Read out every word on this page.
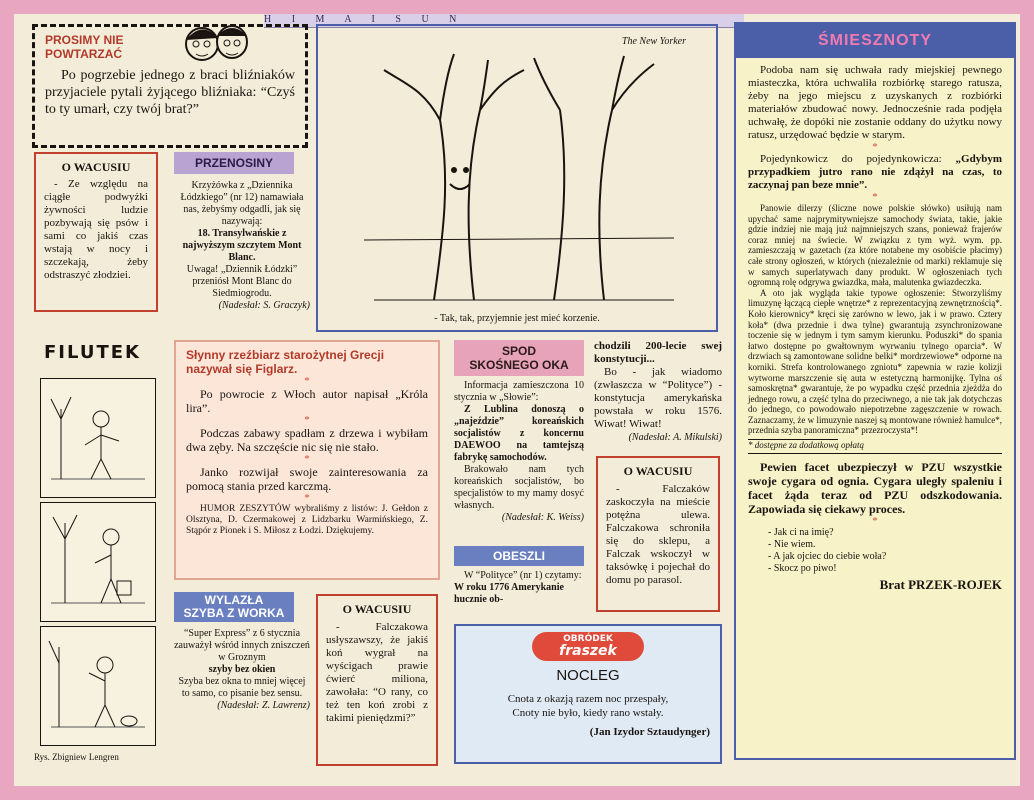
H I M A I S U N
PROSIMY NIE
POWTARZAĆ
Po pogrzebie jednego z braci bliźniaków przyjaciele pytali żyjącego bliźniaka: “Czyś to ty umarł, czy twój brat?”
O WACUSIU
- Ze względu na ciągłe podwyżki żywności ludzie pozbywają się psów i sami co jakiś czas wstają w nocy i szczekają, żeby odstraszyć złodziei.
PRZENOSINY

Krzyżówka z „Dziennika Łódzkiego” (nr 12) namawiała nas, żebyśmy odgadli, jak się nazywają:

18. Transylwańskie z najwyższym szczytem Mont Blanc.

Uwaga! „Dziennik Łódzki” przeniósł Mont Blanc do Siedmiogrodu.

(Nadesłał: S. Graczyk)

The New Yorker
- Tak, tak, przyjemnie jest mieć korzenie.
ŚMIESZNOTY

Podoba nam się uchwała rady miejskiej pewnego miasteczka, która uchwaliła rozbiórkę starego ratusza, żeby na jego miejscu z uzyskanych z rozbiórki materiałów zbudować nowy. Jednocześnie rada podjęła uchwałę, że dopóki nie zostanie oddany do użytku nowy ratusz, urzędować będzie w starym.

*

Pojedynkowicz do pojedynkowicza: „Gdybym przypadkiem jutro rano nie zdążył na czas, to zaczynaj pan beze mnie”.

*

Panowie dilerzy (śliczne nowe polskie słówko) usiłują nam upychać same najprymitywniejsze samochody świata, takie, jakie gdzie indziej nie mają już najmniejszych szans, ponieważ frajerów coraz mniej na świecie. W związku z tym wyż. wym. pp. zamieszczają w gazetach (za które notabene my osobiście płacimy) całe strony ogłoszeń, w których (niezależnie od marki) reklamuje się w samych superlatywach dany produkt. W ogłoszeniach tych ogromną rolę odgrywa gwiazdka, mała, malutenka gwiazdeczka.

A oto jak wygląda takie typowe ogłoszenie: Stworzyliśmy limuzynę łączącą ciepłe wnętrze* z reprezentacyjną zewnętrznością*. Koło kierownicy* kręci się zarówno w lewo, jak i w prawo. Cztery koła* (dwa przednie i dwa tylne) gwarantują zsynchronizowane toczenie się w jednym i tym samym kierunku. Poduszki* do spania łatwo dostępne po gwałtownym wyrwaniu tylnego oparcia*. W drzwiach są zamontowane solidne belki* mordrzewiowe* odporne na korniki. Strefa kontrolowanego zgniotu* zapewnia w razie kolizji wytworne marszczenie się auta w estetyczną harmonijkę. Tylna oś samoskrętna* gwarantuje, że po wypadku część przednia zjeżdża do jednego rowu, a część tylna do przeciwnego, a nie tak jak dotychczas do jednego, co powodowało niepotrzebne zagęszczenie w rowach. Zaznaczamy, że w limuzynie naszej są montowane również hamulce*, przednia szyba panoramiczna* przezroczysta*!

* dostępne za dodatkową opłatą

Pewien facet ubezpieczył w PZU wszystkie swoje cygara od ognia. Cygara uległy spaleniu i facet żąda teraz od PZU odszkodowania. Zapowiada się ciekawy proces.

*

- Jak ci na imię?

- Nie wiem.

- A jak ojciec do ciebie woła?

- Skocz po piwo!

Brat PRZEK-ROJEK

FILUTEK
Rys. Zbigniew Lengren
Słynny rzeźbiarz starożytnej Grecji nazywał się Figlarz.
*

Po powrocie z Włoch autor napisał „Króla lira”.

*

Podczas zabawy spadłam z drzewa i wybiłam dwa zęby. Na szczęście nic się nie stało.

*

Janko rozwijał swoje zainteresowania za pomocą stania przed karczmą.

*

HUMOR ZESZYTÓW wybraliśmy z listów: J. Gełdon z Olsztyna, D. Czermakowej z Lidzbarku Warmińskiego, Z. Stąpór z Pionek i S. Miłosz z Łodzi. Dziękujemy.

SPOD
SKOŚNEGO OKA

Informacja zamieszczona 10 stycznia w „Słowie”:

Z Lublina donoszą o „najeździe” koreańskich socjalistów z koncernu DAEWOO na tamtejszą fabrykę samochodów.

Brakowało nam tych koreańskich socjalistów, bo specjalistów to my mamy dosyć własnych.

(Nadesłał: K. Weiss)

chodzili 200-lecie swej konstytucji...

Bo - jak wiadomo (zwłaszcza w “Polityce”) - konstytucja amerykańska powstała w roku 1576. Wiwat! Wiwat!

(Nadesłał: A. Mikulski)

OBESZLI

W “Polityce” (nr 1) czytamy:

W roku 1776 Amerykanie hucznie ob-

O WACUSIU
- Falczaków zaskoczyła na mieście potężna ulewa. Falczakowa schroniła się do sklepu, a Falczak wskoczył w taksówkę i pojechał do domu po parasol.
WYLAZŁA
SZYBA Z WORKA

“Super Express” z 6 stycznia zauważył wśród innych zniszczeń w Groznym

szyby bez okien

Szyba bez okna to mniej więcej to samo, co pisanie bez sensu.

(Nadesłał: Z. Lawrenz)

O WACUSIU
- Falczakowa usłyszawszy, że jakiś koń wygrał na wyścigach prawie ćwierć miliona, zawołała: “O rany, co też ten koń zrobi z takimi pieniędzmi?”
OBRÓDEK
fraszek
NOCLEG

Cnota z okazją razem noc przespały,

Cnoty nie było, kiedy rano wstały.

(Jan Izydor Sztaudynger)
